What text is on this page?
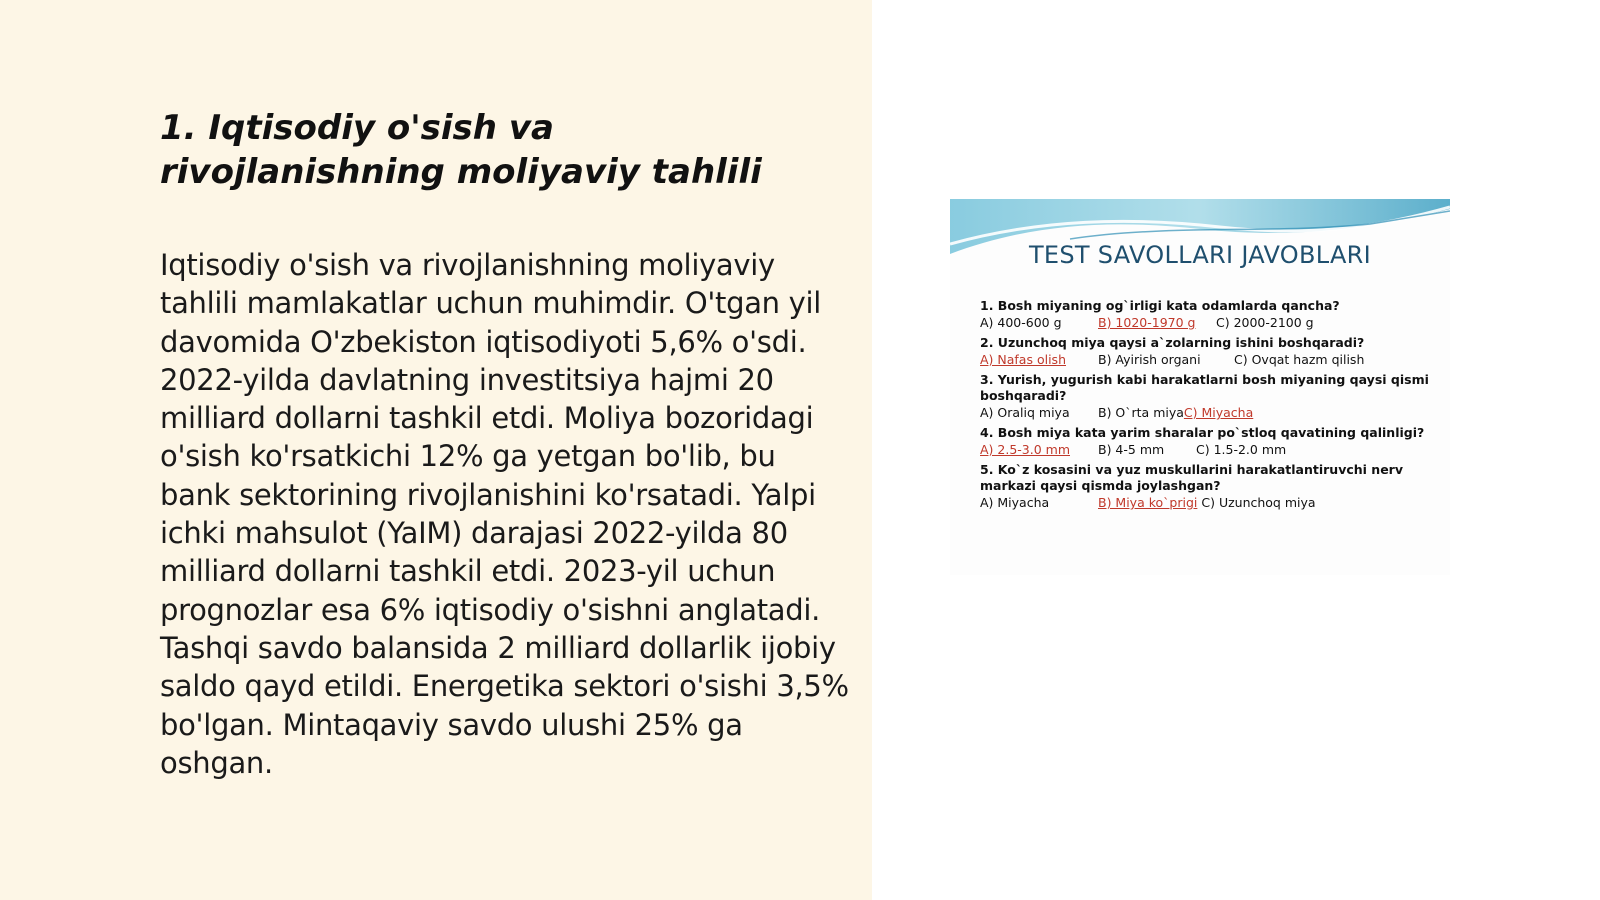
1. Iqtisodiy o'sish va rivojlanishning moliyaviy tahlili

Iqtisodiy o'sish va rivojlanishning moliyaviy tahlili mamlakatlar uchun muhimdir. O'tgan yil davomida O'zbekiston iqtisodiyoti 5,6% o'sdi. 2022-yilda davlatning investitsiya hajmi 20 milliard dollarni tashkil etdi. Moliya bozoridagi o'sish ko'rsatkichi 12% ga yetgan bo'lib, bu bank sektorining rivojlanishini ko'rsatadi. Yalpi ichki mahsulot (YaIM) darajasi 2022-yilda 80 milliard dollarni tashkil etdi. 2023-yil uchun prognozlar esa 6% iqtisodiy o'sishni anglatadi. Tashqi savdo balansida 2 milliard dollarlik ijobiy saldo qayd etildi. Energetika sektori o'sishi 3,5% bo'lgan. Mintaqaviy savdo ulushi 25% ga oshgan.

TEST SAVOLLARI JAVOBLARI
1. Bosh miyaning og`irligi kata odamlarda qancha?
A) 400-600 g	B) 1020-1970 g C) 2000-2100 g
2. Uzunchoq miya qaysi a`zolarning ishini boshqaradi?
A) Nafas olish	B) Ayirish organi	C) Ovqat hazm qilish
3. Yurish, yugurish kabi harakatlarni bosh miyaning qaysi qismi boshqaradi?
A) Oraliq miya B) O`rta miyaC) Miyacha
4. Bosh miya kata yarim sharalar po`stloq qavatining qalinligi?
A) 2.5-3.0 mm B) 4-5 mm	C) 1.5-2.0 mm
5. Ko`z kosasini va yuz muskullarini harakatlantiruvchi nerv markazi qaysi qismda joylashgan?
A) Miyacha	B) Miya ko`prigi C) Uzunchoq miya
